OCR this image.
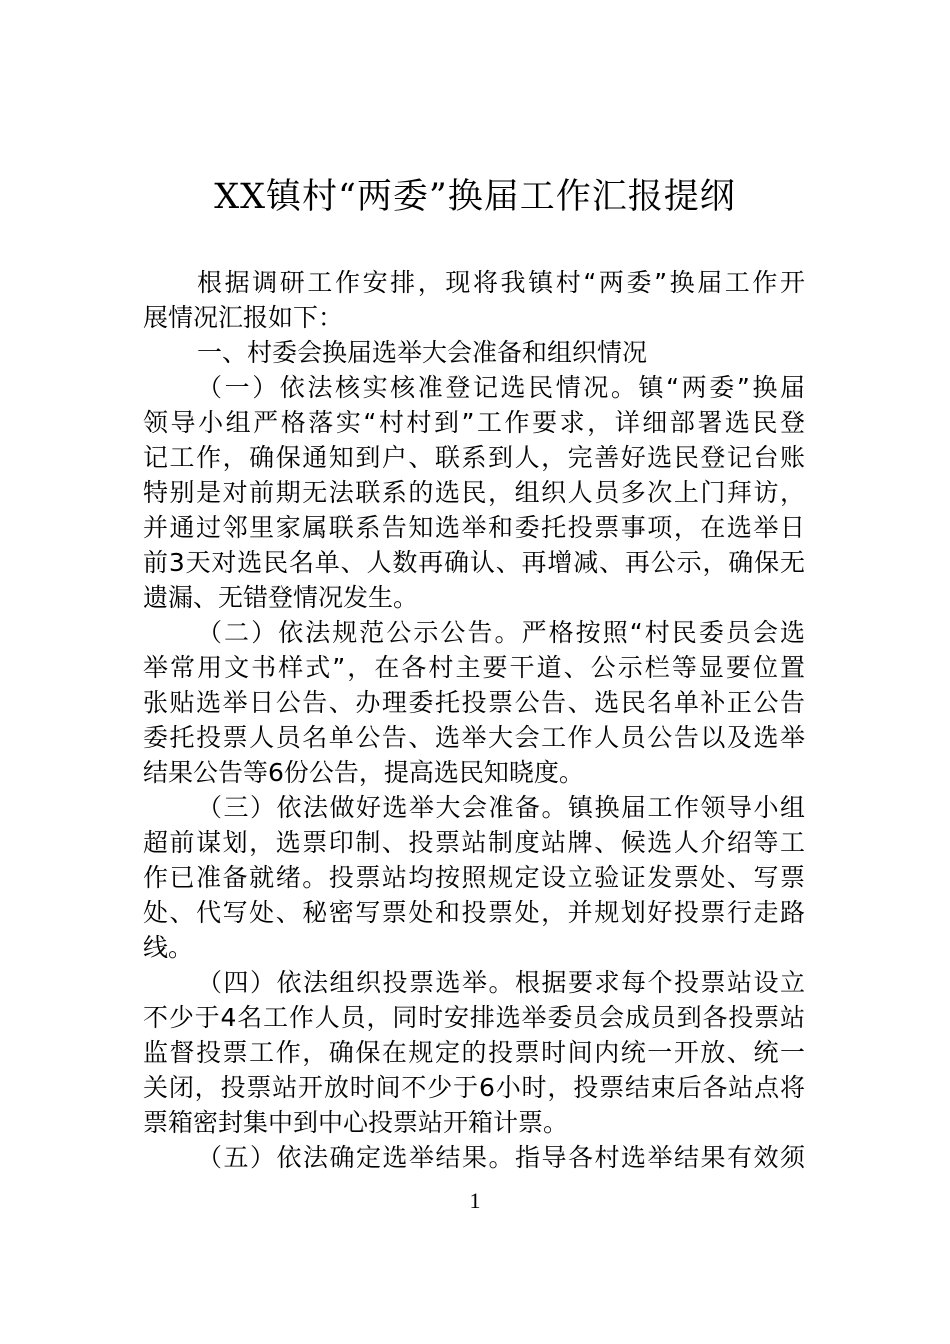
XX镇村“两委”换届工作汇报提纲
根据调研工作安排，现将我镇村“两委”换届工作开
展情况汇报如下：
一、村委会换届选举大会准备和组织情况
（一）依法核实核准登记选民情况。镇“两委”换届
领导小组严格落实“村村到”工作要求，详细部署选民登
记工作，确保通知到户、联系到人，完善好选民登记台账
特别是对前期无法联系的选民，组织人员多次上门拜访，
并通过邻里家属联系告知选举和委托投票事项，在选举日
前3天对选民名单、人数再确认、再增减、再公示，确保无
遗漏、无错登情况发生。
（二）依法规范公示公告。严格按照“村民委员会选
举常用文书样式”，在各村主要干道、公示栏等显要位置
张贴选举日公告、办理委托投票公告、选民名单补正公告
委托投票人员名单公告、选举大会工作人员公告以及选举
结果公告等6份公告，提高选民知晓度。
（三）依法做好选举大会准备。镇换届工作领导小组
超前谋划，选票印制、投票站制度站牌、候选人介绍等工
作已准备就绪。投票站均按照规定设立验证发票处、写票
处、代写处、秘密写票处和投票处，并规划好投票行走路
线。
（四）依法组织投票选举。根据要求每个投票站设立
不少于4名工作人员，同时安排选举委员会成员到各投票站
监督投票工作，确保在规定的投票时间内统一开放、统一
关闭，投票站开放时间不少于6小时，投票结束后各站点将
票箱密封集中到中心投票站开箱计票。
（五）依法确定选举结果。指导各村选举结果有效须
1
